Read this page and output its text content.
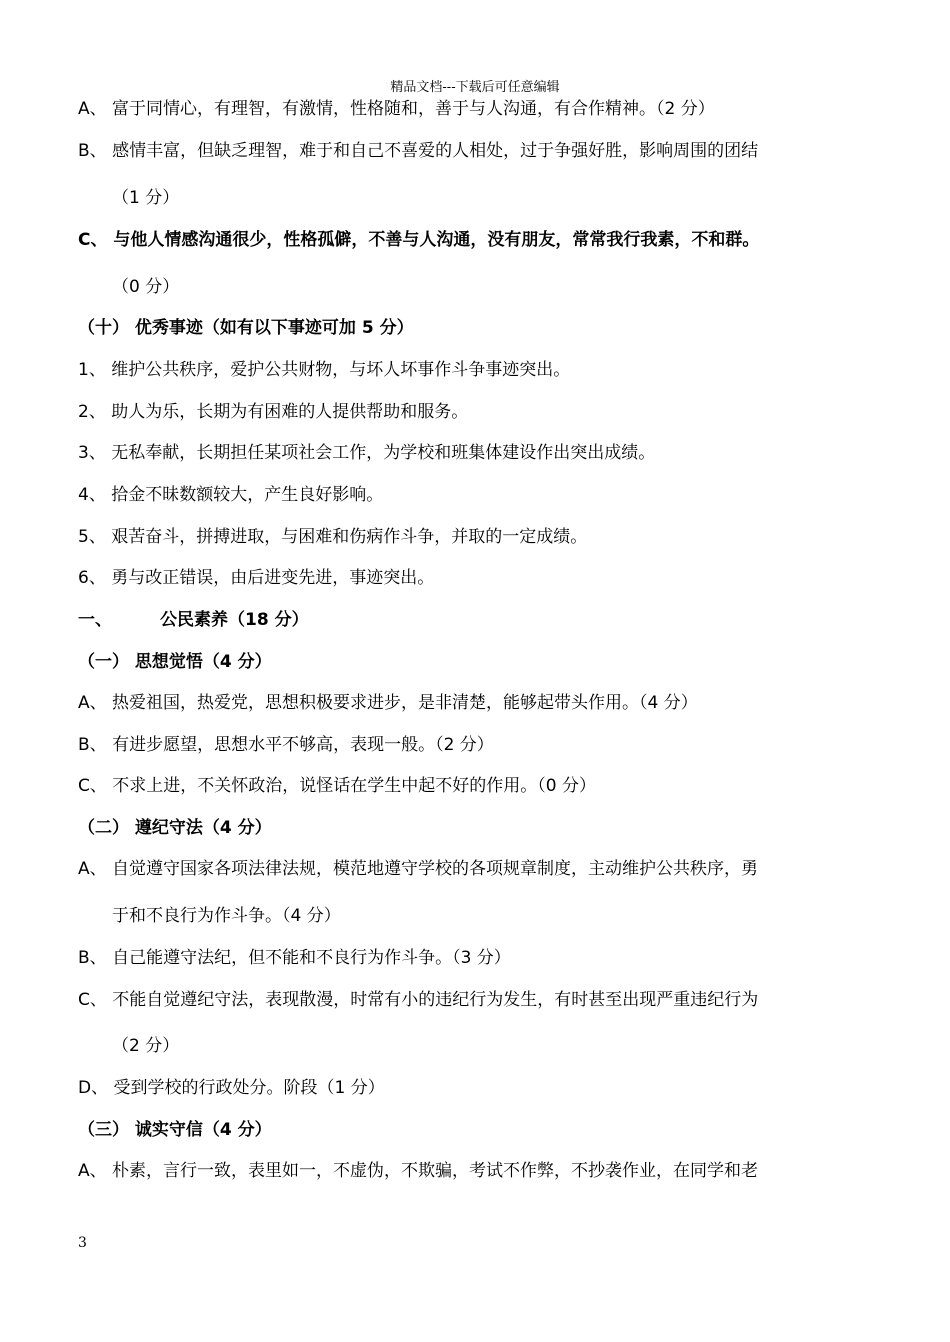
精品文档---下载后可任意编辑
A、 富于同情心，有理智，有激情，性格随和，善于与人沟通，有合作精神。（2 分）
B、 感情丰富，但缺乏理智，难于和自己不喜爱的人相处，过于争强好胜，影响周围的团结
（1 分）
C、 与他人情感沟通很少，性格孤僻，不善与人沟通，没有朋友，常常我行我素，不和群。
（0 分）
（十） 优秀事迹（如有以下事迹可加 5 分）
1、 维护公共秩序，爱护公共财物，与坏人坏事作斗争事迹突出。
2、 助人为乐，长期为有困难的人提供帮助和服务。
3、 无私奉献，长期担任某项社会工作，为学校和班集体建设作出突出成绩。
4、 拾金不昧数额较大，产生良好影响。
5、 艰苦奋斗，拼搏进取，与困难和伤病作斗争，并取的一定成绩。
6、 勇与改正错误，由后进变先进，事迹突出。
一、	公民素养（18 分）
（一） 思想觉悟（4 分）
A、 热爱祖国，热爱党，思想积极要求进步，是非清楚，能够起带头作用。（4 分）
B、 有进步愿望，思想水平不够高，表现一般。（2 分）
C、 不求上进，不关怀政治，说怪话在学生中起不好的作用。（0 分）
（二） 遵纪守法（4 分）
A、 自觉遵守国家各项法律法规，模范地遵守学校的各项规章制度，主动维护公共秩序，勇
于和不良行为作斗争。（4 分）
B、 自己能遵守法纪，但不能和不良行为作斗争。（3 分）
C、 不能自觉遵纪守法，表现散漫，时常有小的违纪行为发生，有时甚至出现严重违纪行为
（2 分）
D、 受到学校的行政处分。阶段（1 分）
（三） 诚实守信（4 分）
A、 朴素，言行一致，表里如一，不虚伪，不欺骗，考试不作弊，不抄袭作业，在同学和老
3
